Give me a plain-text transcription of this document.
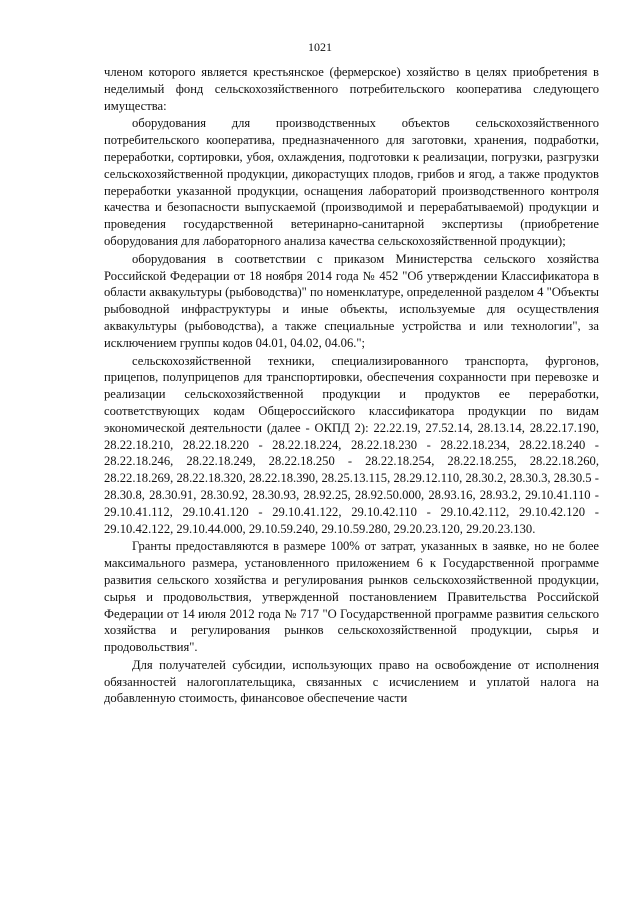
1021

членом которого является крестьянское (фермерское) хозяйство в целях приобретения в неделимый фонд сельскохозяйственного потребительского кооператива следующего имущества:

оборудования для производственных объектов сельскохозяйственного потребительского кооператива, предназначенного для заготовки, хранения, подработки, переработки, сортировки, убоя, охлаждения, подготовки к реализации, погрузки, разгрузки сельскохозяйственной продукции, дикорастущих плодов, грибов и ягод, а также продуктов переработки указанной продукции, оснащения лабораторий производственного контроля качества и безопасности выпускаемой (производимой и перерабатываемой) продукции и проведения государственной ветеринарно-санитарной экспертизы (приобретение оборудования для лабораторного анализа качества сельскохозяйственной продукции);

оборудования в соответствии с приказом Министерства сельского хозяйства Российской Федерации от 18 ноября 2014 года № 452 "Об утверждении Классификатора в области аквакультуры (рыбоводства)" по номенклатуре, определенной разделом 4 "Объекты рыбоводной инфраструктуры и иные объекты, используемые для осуществления аквакультуры (рыбоводства), а также специальные устройства и или технологии", за исключением группы кодов 04.01, 04.02, 04.06.";

сельскохозяйственной техники, специализированного транспорта, фургонов, прицепов, полуприцепов для транспортировки, обеспечения сохранности при перевозке и реализации сельскохозяйственной продукции и продуктов ее переработки, соответствующих кодам Общероссийского классификатора продукции по видам экономической деятельности (далее - ОКПД 2): 22.22.19, 27.52.14, 28.13.14, 28.22.17.190, 28.22.18.210, 28.22.18.220 - 28.22.18.224, 28.22.18.230 - 28.22.18.234, 28.22.18.240 - 28.22.18.246, 28.22.18.249, 28.22.18.250 - 28.22.18.254, 28.22.18.255, 28.22.18.260, 28.22.18.269, 28.22.18.320, 28.22.18.390, 28.25.13.115, 28.29.12.110, 28.30.2, 28.30.3, 28.30.5 - 28.30.8, 28.30.91, 28.30.92, 28.30.93, 28.92.25, 28.92.50.000, 28.93.16, 28.93.2, 29.10.41.110 - 29.10.41.112, 29.10.41.120 - 29.10.41.122, 29.10.42.110 - 29.10.42.112, 29.10.42.120 - 29.10.42.122, 29.10.44.000, 29.10.59.240, 29.10.59.280, 29.20.23.120, 29.20.23.130.

Гранты предоставляются в размере 100% от затрат, указанных в заявке, но не более максимального размера, установленного приложением 6 к Государственной программе развития сельского хозяйства и регулирования рынков сельскохозяйственной продукции, сырья и продовольствия, утвержденной постановлением Правительства Российской Федерации от 14 июля 2012 года № 717 "О Государственной программе развития сельского хозяйства и регулирования рынков сельскохозяйственной продукции, сырья и продовольствия".

Для получателей субсидии, использующих право на освобождение от исполнения обязанностей налогоплательщика, связанных с исчислением и уплатой налога на добавленную стоимость, финансовое обеспечение части
